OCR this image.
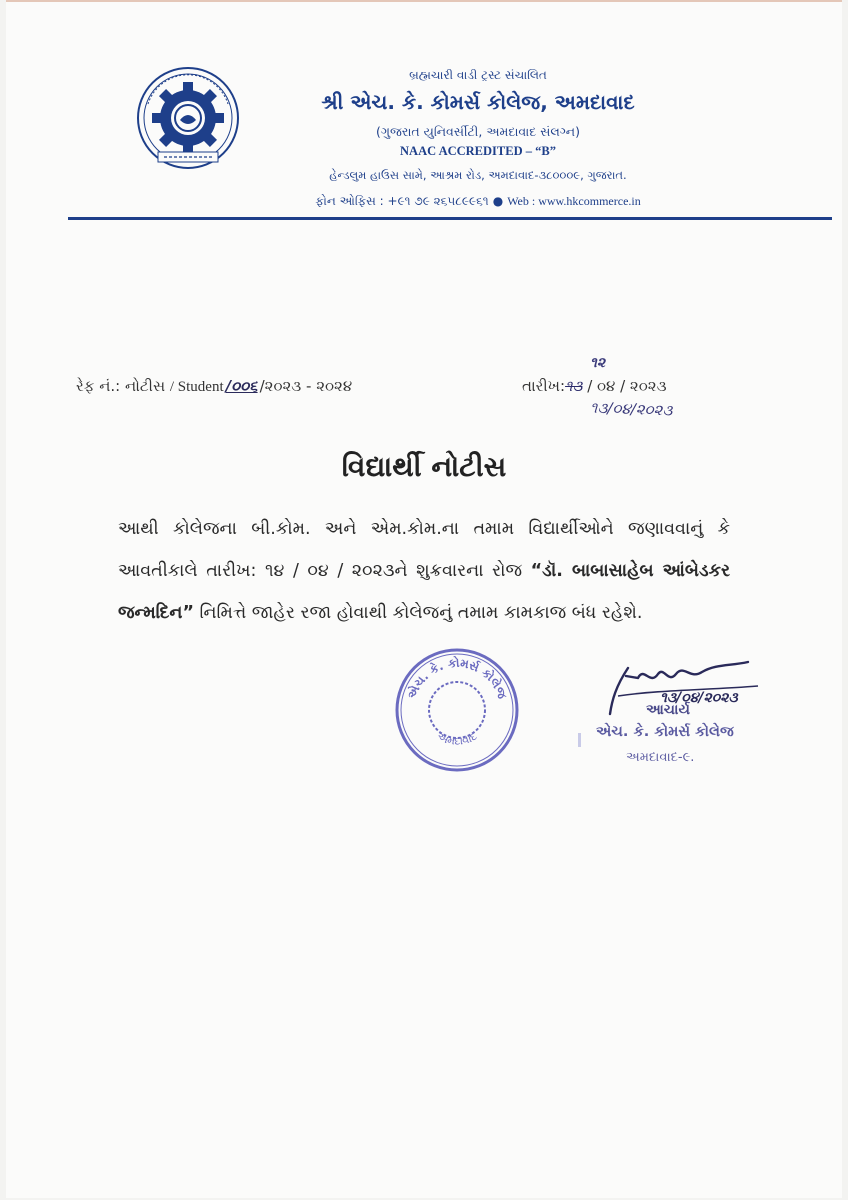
બ્રહ્મચારી વાડી ટ્રસ્ટ સંચાલિત
શ્રી એચ. કે. કોમર્સ કોલેજ, અમદાવાદ
(ગુજરાત યુનિવર્સીટી, અમદાવાદ સંલગ્ન)
NAAC ACCREDITED – “B”
હેન્ડલુમ હાઉસ સામે, આશ્રમ રોડ, અમદાવાદ-૩૮૦૦૦૯, ગુજરાત.
ફોન ઓફિસ : +૯૧ ૭૯ ૨૬૫૮૯૯૬૧ ● Web : www.hkcommerce.in
રેફ નં.: નોટીસ / Student /૦૦૬ /૨૦૨૩ - ૨૦૨૪	તારીખ:૧૩ / ૦૪ / ૨૦૨૩
૧૨
૧૩/૦૪/૨૦૨૩
વિદ્યાર્થી નોટીસ
આથી કોલેજના બી.કોમ. અને એમ.કોમ.ના તમામ વિદ્યાર્થીઓને જણાવવાનું કે આવતીકાલે તારીખ: ૧૪ / ૦૪ / ૨૦૨૩ને શુક્રવારના રોજ “ડૉ. બાબાસાહેબ આંબેડકર જન્મદિન” નિમિત્તે જાહેર રજા હોવાથી કોલેજનું તમામ કામકાજ બંધ રહેશે.
એચ. કે. કોમર્સ કોલેજ
અમદાવાદ
૧૩/૦૪/૨૦૨૩
આચાર્ય
એચ. કે. કોમર્સ કોલેજ
અમદાવાદ-૯.
